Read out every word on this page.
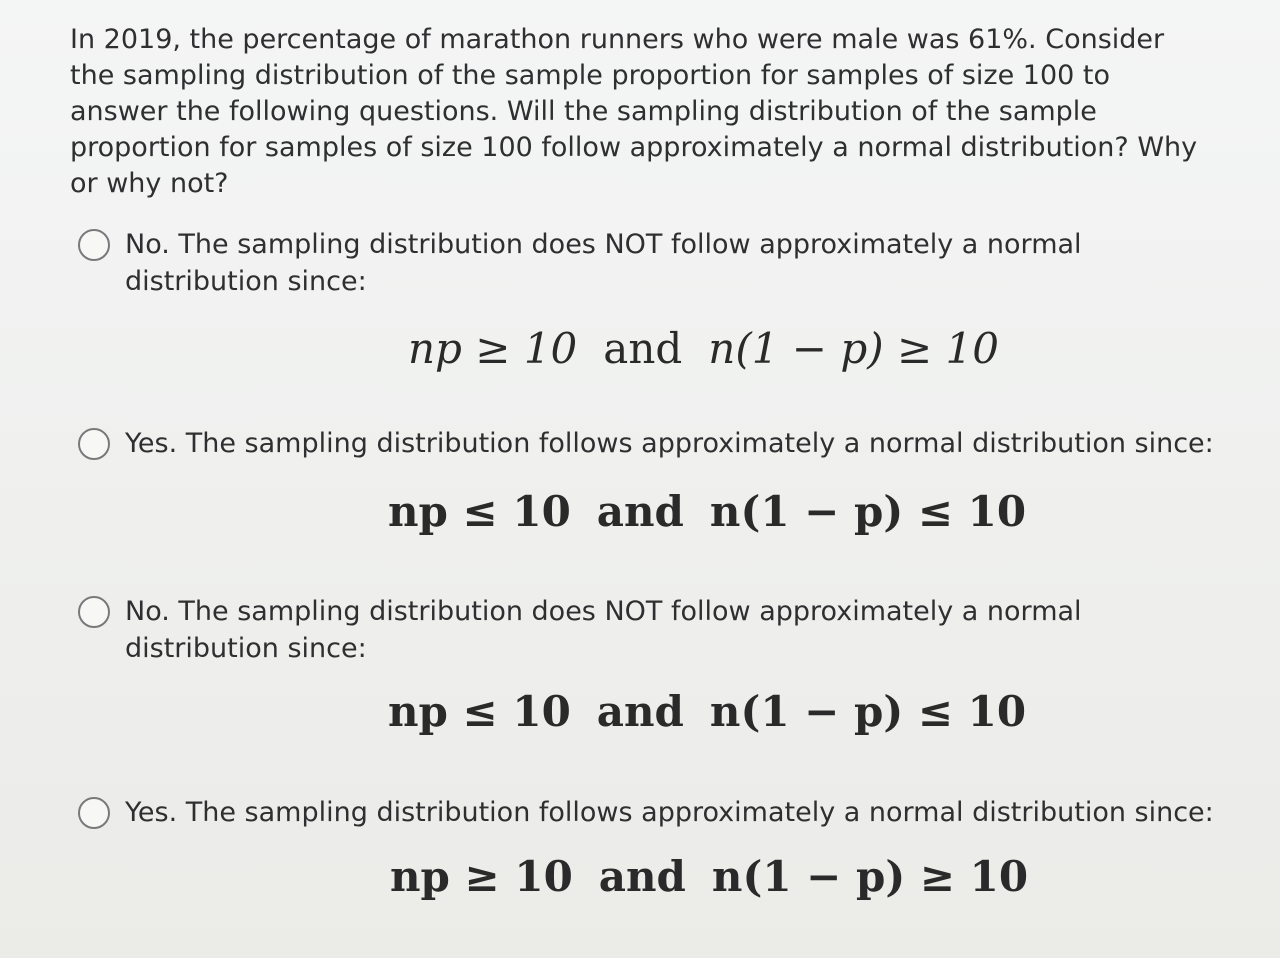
In 2019, the percentage of marathon runners who were male was 61%. Consider the sampling distribution of the sample proportion for samples of size 100 to answer the following questions. Will the sampling distribution of the sample proportion for samples of size 100 follow approximately a normal distribution? Why or why not?
No. The sampling distribution does NOT follow approximately a normal distribution since:
np ≥ 10 and n(1 − p) ≥ 10
Yes. The sampling distribution follows approximately a normal distribution since:
np ≤ 10 and n(1 − p) ≤ 10
No. The sampling distribution does NOT follow approximately a normal distribution since:
np ≤ 10 and n(1 − p) ≤ 10
Yes. The sampling distribution follows approximately a normal distribution since:
np ≥ 10 and n(1 − p) ≥ 10
